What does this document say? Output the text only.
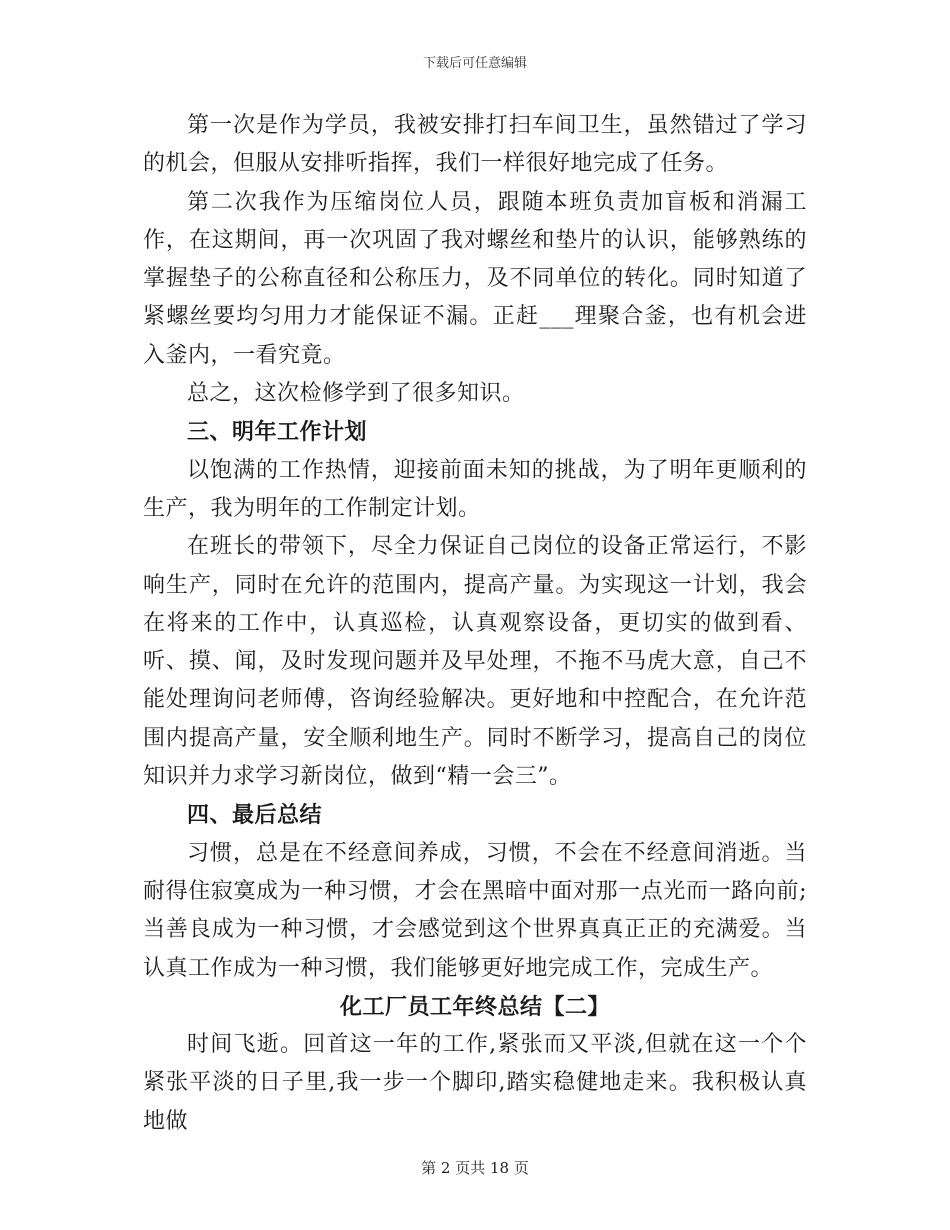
下载后可任意编辑

第一次是作为学员，我被安排打扫车间卫生，虽然错过了学习的机会，但服从安排听指挥，我们一样很好地完成了任务。

第二次我作为压缩岗位人员，跟随本班负责加盲板和消漏工作，在这期间，再一次巩固了我对螺丝和垫片的认识，能够熟练的掌握垫子的公称直径和公称压力，及不同单位的转化。同时知道了紧螺丝要均匀用力才能保证不漏。正赶___理聚合釜，也有机会进入釜内，一看究竟。

总之，这次检修学到了很多知识。

三、明年工作计划

以饱满的工作热情，迎接前面未知的挑战，为了明年更顺利的生产，我为明年的工作制定计划。

在班长的带领下，尽全力保证自己岗位的设备正常运行，不影响生产，同时在允许的范围内，提高产量。为实现这一计划，我会在将来的工作中，认真巡检，认真观察设备，更切实的做到看、听、摸、闻，及时发现问题并及早处理，不拖不马虎大意，自己不能处理询问老师傅，咨询经验解决。更好地和中控配合，在允许范围内提高产量，安全顺利地生产。同时不断学习，提高自己的岗位知识并力求学习新岗位，做到“精一会三”。

四、最后总结

习惯，总是在不经意间养成，习惯，不会在不经意间消逝。当耐得住寂寞成为一种习惯，才会在黑暗中面对那一点光而一路向前;当善良成为一种习惯，才会感觉到这个世界真真正正的充满爱。当认真工作成为一种习惯，我们能够更好地完成工作，完成生产。

化工厂员工年终总结【二】

时间飞逝。回首这一年的工作,紧张而又平淡,但就在这一个个紧张平淡的日子里,我一步一个脚印,踏实稳健地走来。我积极认真地做

第 2 页共 18 页
